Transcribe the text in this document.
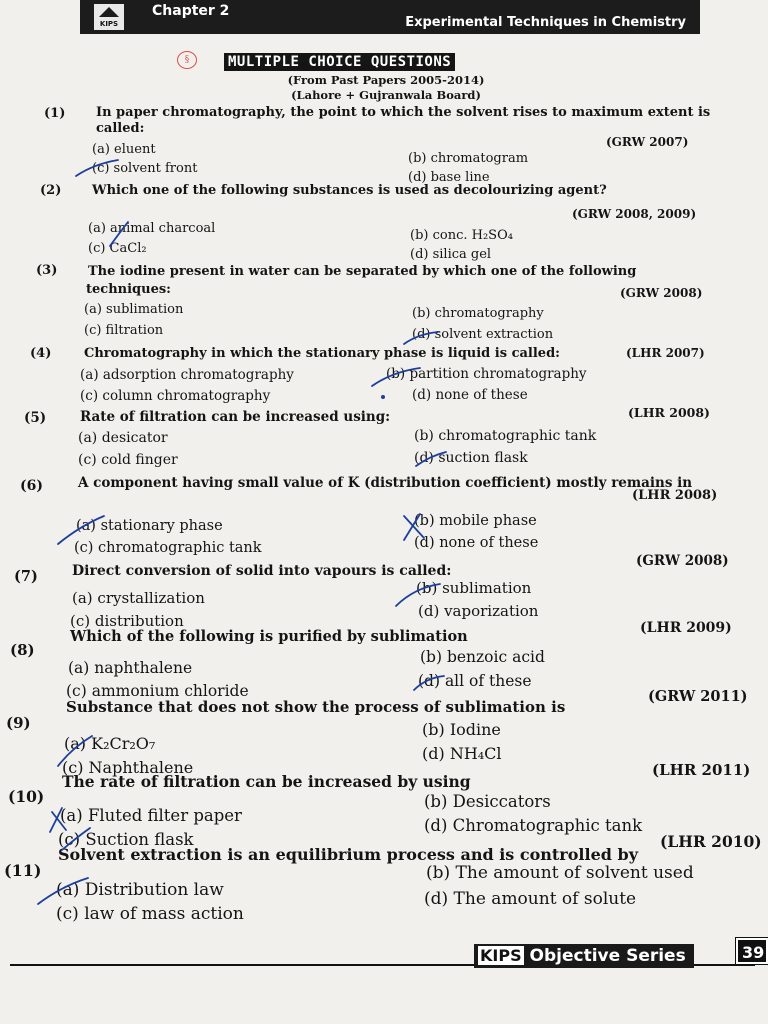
KIPS
Chapter 2
Experimental Techniques in Chemistry
§	MULTIPLE CHOICE QUESTIONS
(From Past Papers 2005-2014)
(Lahore + Gujranwala Board)
(1) In paper chromatography, the point to which the solvent rises to maximum extent is
called:
(GRW 2007)
(a) eluent
(b) chromatogram
(c) solvent front
(d) base line
(2) Which one of the following substances is used as decolourizing agent?
(GRW 2008, 2009)
(a) animal charcoal	(b) conc. H₂SO₄
(c) CaCl₂	(d) silica gel
(3) The iodine present in water can be separated by which one of the following
techniques:	(GRW 2008)
(a) sublimation	(b) chromatography
(c) filtration	(d) solvent extraction
(4)	Chromatography in which the stationary phase is liquid is called:	(LHR 2007)
(a) adsorption chromatography	(b) partition chromatography
(c) column chromatography	(d) none of these
(5)	Rate of filtration can be increased using:	(LHR 2008)
(a) desicator	(b) chromatographic tank
(c) cold finger	(d) suction flask
(6)	A component having small value of K (distribution coefficient) mostly remains in
(LHR 2008)
(a) stationary phase	(b) mobile phase
(c) chromatographic tank	(d) none of these
(7) Direct conversion of solid into vapours is called:
(GRW 2008)
(a) crystallization
(b) sublimation
(c) distribution
(d) vaporization
(8)
Which of the following is purified by sublimation	(LHR 2009)
(a) naphthalene
(b) benzoic acid
(c) ammonium chloride
(d) all of these
(9)
Substance that does not show the process of sublimation is
(GRW 2011)
(a) K₂Cr₂O₇
(b) Iodine
(c) Naphthalene
(d) NH₄Cl
(10)
The rate of filtration can be increased by using
(LHR 2011)
(a) Fluted filter paper
(b) Desiccators
(c) Suction flask
(d) Chromatographic tank
(11)
Solvent extraction is an equilibrium process and is controlled by
(LHR 2010)
(a) Distribution law
(b) The amount of solvent used
(c) law of mass action
(d) The amount of solute
KIPS Objective Series	39
